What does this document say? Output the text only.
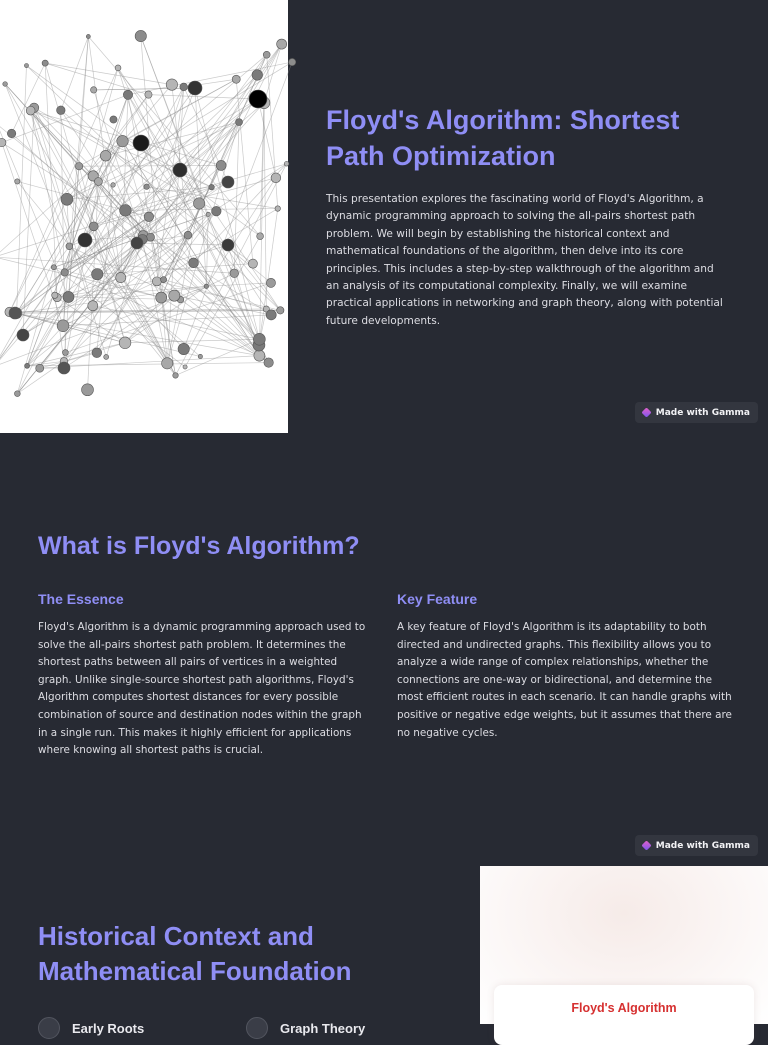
Floyd's Algorithm: Shortest Path Optimization

This presentation explores the fascinating world of Floyd's Algorithm, a dynamic programming approach to solving the all-pairs shortest path problem. We will begin by establishing the historical context and mathematical foundations of the algorithm, then delve into its core principles. This includes a step-by-step walkthrough of the algorithm and an analysis of its computational complexity. Finally, we will examine practical applications in networking and graph theory, along with potential future developments.

Made with Gamma
What is Floyd's Algorithm?
The Essence

Floyd's Algorithm is a dynamic programming approach used to solve the all-pairs shortest path problem. It determines the shortest paths between all pairs of vertices in a weighted graph. Unlike single-source shortest path algorithms, Floyd's Algorithm computes shortest distances for every possible combination of source and destination nodes within the graph in a single run. This makes it highly efficient for applications where knowing all shortest paths is crucial.

Key Feature

A key feature of Floyd's Algorithm is its adaptability to both directed and undirected graphs. This flexibility allows you to analyze a wide range of complex relationships, whether the connections are one-way or bidirectional, and determine the most efficient routes in each scenario. It can handle graphs with positive or negative edge weights, but it assumes that there are no negative cycles.

Made with Gamma
Historical Context and Mathematical Foundation
Early Roots	Graph Theory
Floyd's Algorithm
